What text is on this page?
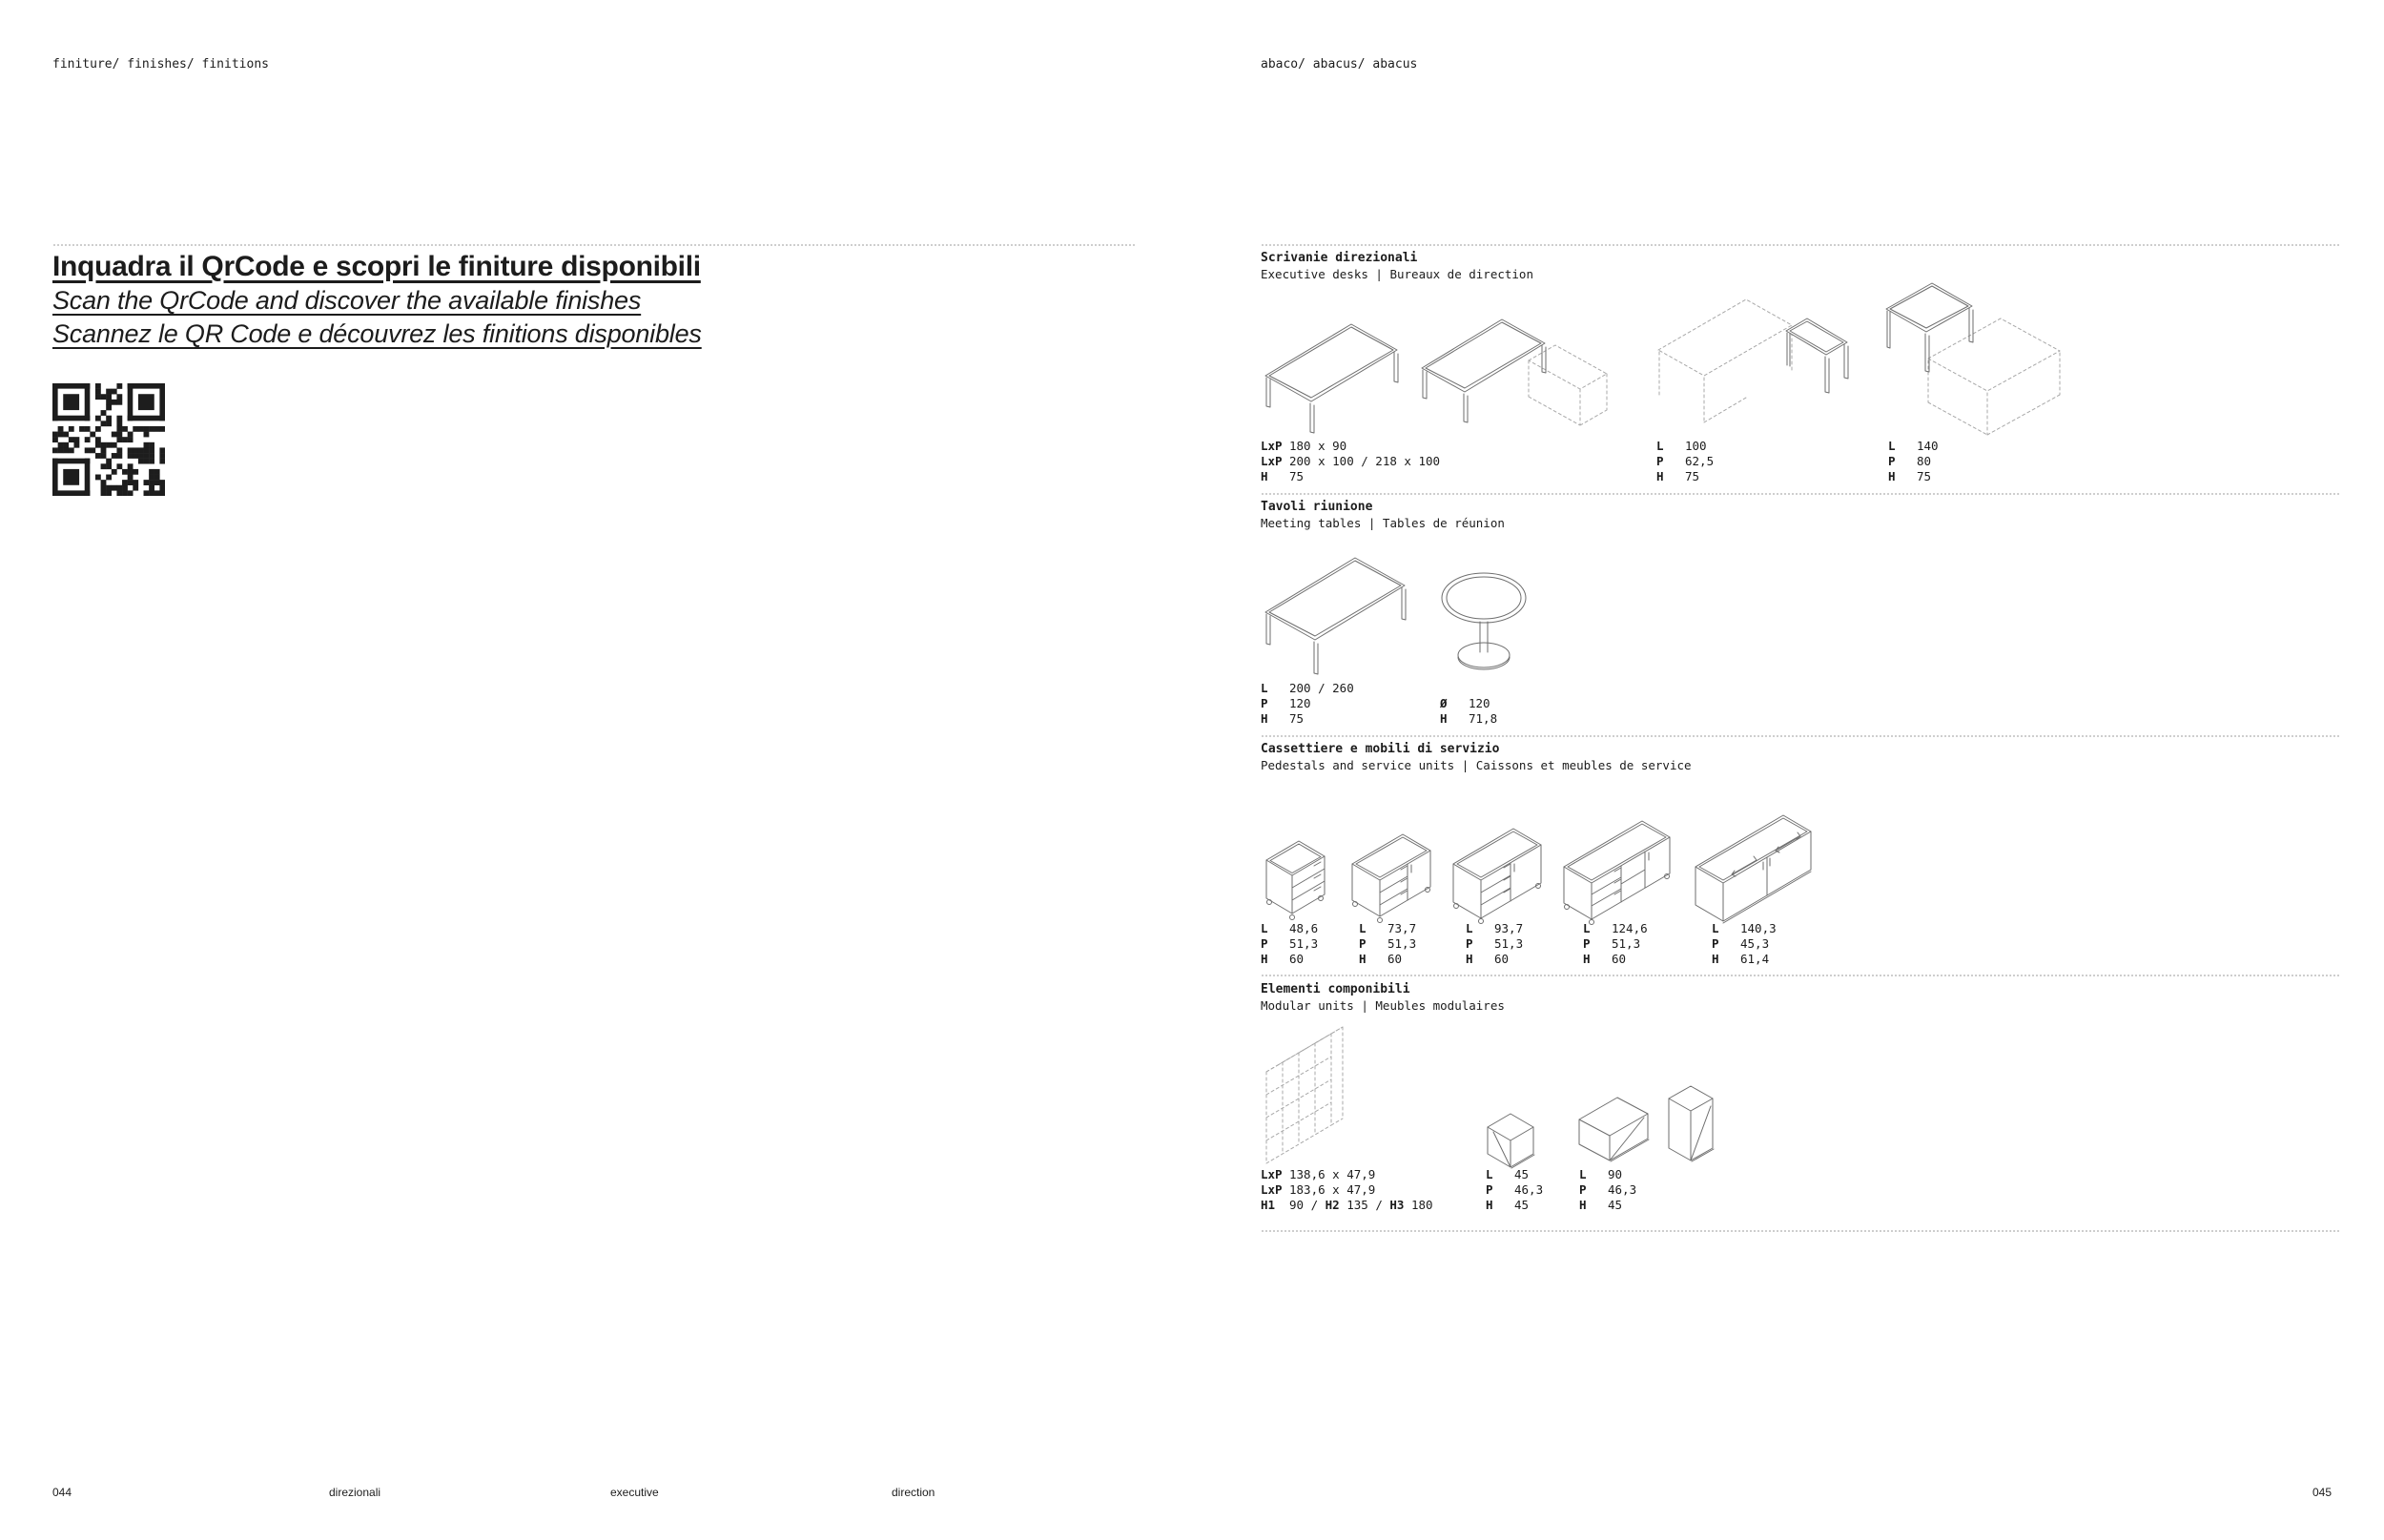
finiture/ finishes/ finitions	abaco/ abacus/ abacus
Inquadra il QrCode e scopri le finiture disponibili
Scan the QrCode and discover the available finishes
Scannez le QR Code e découvrez les finitions disponibles
Scrivanie direzionali
Executive desks | Bureaux de direction
LxP 180 x 90
LxP 200 x 100 / 218 x 100
H 75
L 100
P 62,5
H 75
L 140
P 80
H 75
Tavoli riunione
Meeting tables | Tables de réunion
L 200 / 260
P 120
H 75
Ø 120
H 71,8
Cassettiere e mobili di servizio
Pedestals and service units | Caissons et meubles de service
L 48,6
P 51,3
H 60
L 73,7
P 51,3
H 60
L 93,7
P 51,3
H 60
L 124,6
P 51,3
H 60
L 140,3
P 45,3
H 61,4
Elementi componibili
Modular units | Meubles modulaires
LxP 138,6 x 47,9
LxP 183,6 x 47,9
H1 90 / H2 135 / H3 180
L 45
P 46,3
H 45
L 90
P 46,3
H 45
044	direzionali	executive	direction	045
